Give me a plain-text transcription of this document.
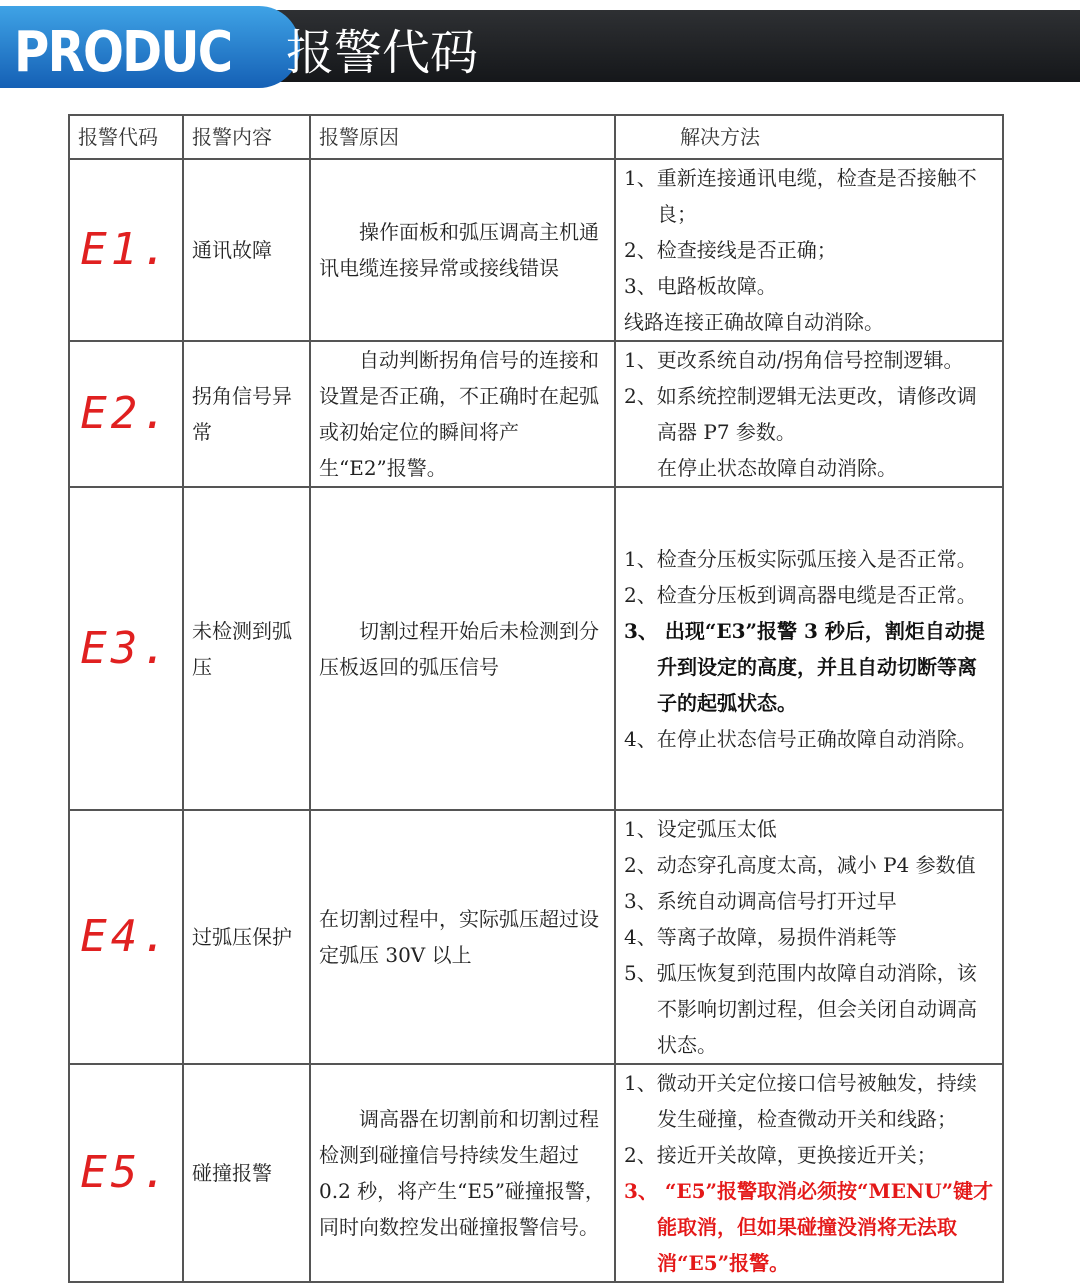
PRODUC 报警代码
报警代码	报警内容	报警原因	解决方法
E1.	通讯故障	操作面板和弧压调高主机通讯电缆连接异常或接线错误	1、重新连接通讯电缆，检查是否接触不良；
2、检查接线是否正确；
3、电路板故障。
线路连接正确故障自动消除。

E2.	拐角信号异常	自动判断拐角信号的连接和设置是否正确，不正确时在起弧或初始定位的瞬间将产生“E2”报警。	1、更改系统自动/拐角信号控制逻辑。
2、如系统控制逻辑无法更改，请修改调高器 P7 参数。
在停止状态故障自动消除。

E3.	未检测到弧压	切割过程开始后未检测到分压板返回的弧压信号	1、检查分压板实际弧压接入是否正常。
2、检查分压板到调高器电缆是否正常。
3、 出现“E3”报警 3 秒后，割炬自动提升到设定的高度，并且自动切断等离子的起弧状态。
4、在停止状态信号正确故障自动消除。

E4.	过弧压保护	在切割过程中，实际弧压超过设定弧压 30V 以上	1、设定弧压太低
2、动态穿孔高度太高，减小 P4 参数值
3、系统自动调高信号打开过早
4、等离子故障，易损件消耗等
5、弧压恢复到范围内故障自动消除，该不影响切割过程，但会关闭自动调高状态。

E5.	碰撞报警	调高器在切割前和切割过程检测到碰撞信号持续发生超过 0.2 秒，将产生“E5”碰撞报警，同时向数控发出碰撞报警信号。	1、微动开关定位接口信号被触发，持续发生碰撞，检查微动开关和线路；
2、接近开关故障，更换接近开关；
3、 “E5”报警取消必须按“MENU”键才能取消，但如果碰撞没消将无法取消“E5”报警。
